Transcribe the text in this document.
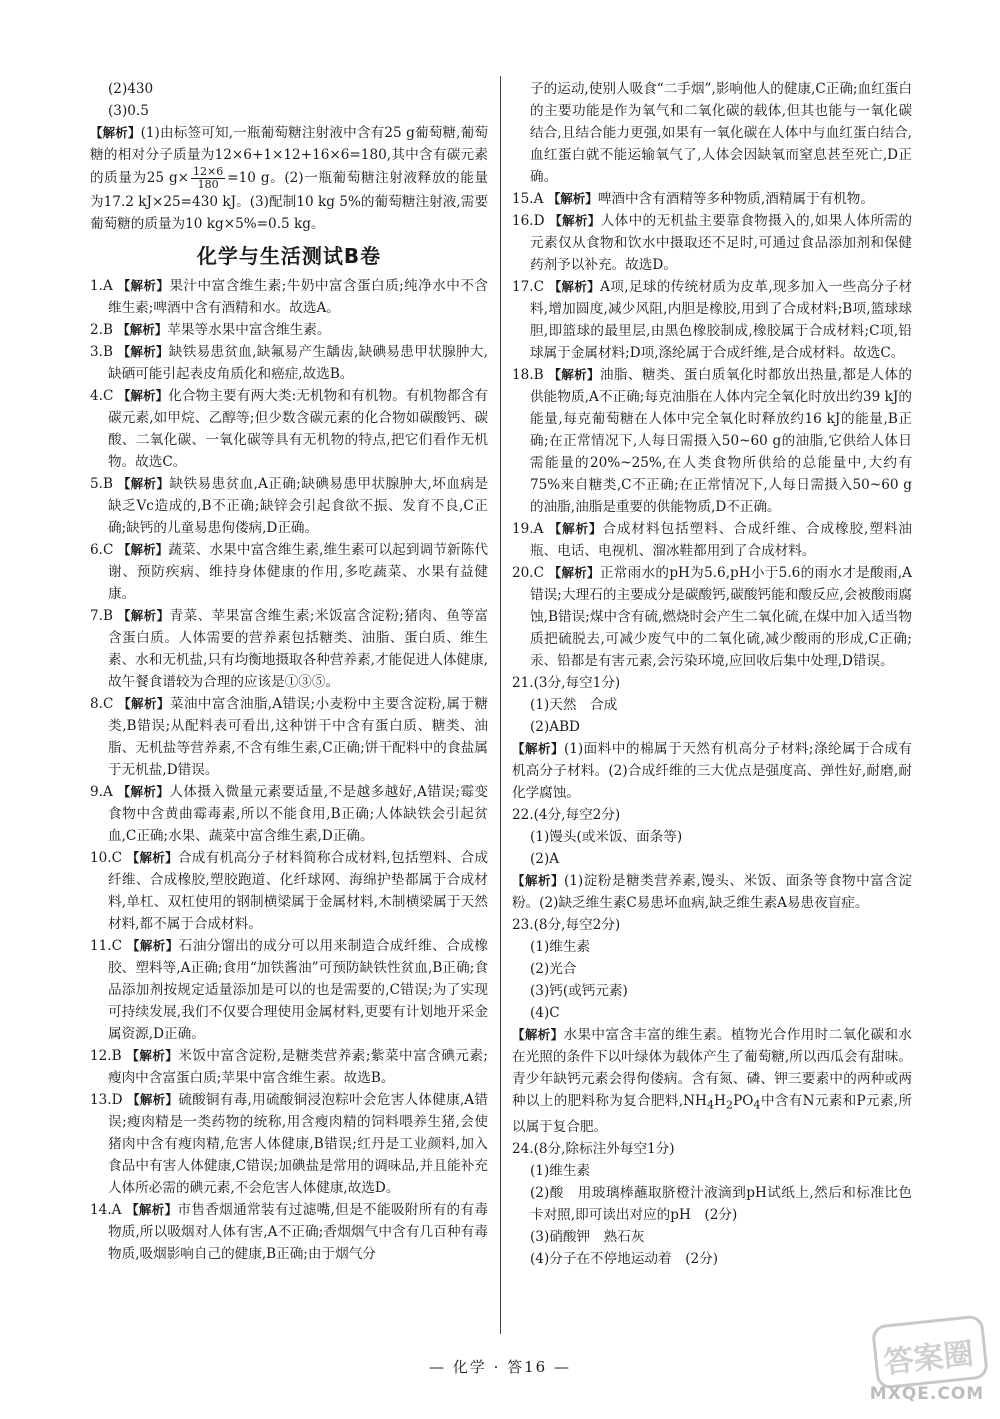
(2)430

(3)0.5

【解析】(1)由标签可知,一瓶葡萄糖注射液中含有25 g葡萄糖,葡萄糖的相对分子质量为12×6+1×12+16×6=180,其中含有碳元素的质量为25 $g\times \frac{12\times 6}{180} =10$ g。(2)一瓶葡萄糖注射液释放的能量为17.2 kJ×25=430 kJ。(3)配制10 kg 5%的葡萄糖注射液,需要葡萄糖的质量为10 kg×5%=0.5 kg。

化学与生活测试B卷

1.A 【解析】果汁中富含维生素;牛奶中富含蛋白质;纯净水中不含维生素;啤酒中含有酒精和水。故选A。

2.B 【解析】苹果等水果中富含维生素。

3.B 【解析】缺铁易患贫血,缺氟易产生龋齿,缺碘易患甲状腺肿大,缺硒可能引起表皮角质化和癌症,故选B。

4.C 【解析】化合物主要有两大类:无机物和有机物。有机物都含有碳元素,如甲烷、乙醇等;但少数含碳元素的化合物如碳酸钙、碳酸、二氧化碳、一氧化碳等具有无机物的特点,把它们看作无机物。故选C。

5.B 【解析】缺铁易患贫血,A正确;缺碘易患甲状腺肿大,坏血病是缺乏Vc造成的,B不正确;缺锌会引起食欲不振、发育不良,C正确;缺钙的儿童易患佝偻病,D正确。

6.C 【解析】蔬菜、水果中富含维生素,维生素可以起到调节新陈代谢、预防疾病、维持身体健康的作用,多吃蔬菜、水果有益健康。

7.B 【解析】青菜、苹果富含维生素;米饭富含淀粉;猪肉、鱼等富含蛋白质。人体需要的营养素包括糖类、油脂、蛋白质、维生素、水和无机盐,只有均衡地摄取各种营养素,才能促进人体健康,故午餐食谱较为合理的应该是①③⑤。

8.C 【解析】菜油中富含油脂,A错误;小麦粉中主要含淀粉,属于糖类,B错误;从配料表可看出,这种饼干中含有蛋白质、糖类、油脂、无机盐等营养素,不含有维生素,C正确;饼干配料中的食盐属于无机盐,D错误。

9.A 【解析】人体摄入微量元素要适量,不是越多越好,A错误;霉变食物中含黄曲霉毒素,所以不能食用,B正确;人体缺铁会引起贫血,C正确;水果、蔬菜中富含维生素,D正确。

10.C 【解析】合成有机高分子材料简称合成材料,包括塑料、合成纤维、合成橡胶,塑胶跑道、化纤球网、海绵护垫都属于合成材料,单杠、双杠使用的钢制横梁属于金属材料,木制横梁属于天然材料,都不属于合成材料。

11.C 【解析】石油分馏出的成分可以用来制造合成纤维、合成橡胶、塑料等,A正确;食用“加铁酱油”可预防缺铁性贫血,B正确;食品添加剂按规定适量添加是可以的也是需要的,C错误;为了实现可持续发展,我们不仅要合理使用金属材料,更要有计划地开采金属资源,D正确。

12.B 【解析】米饭中富含淀粉,是糖类营养素;紫菜中富含碘元素;瘦肉中含富蛋白质;苹果中富含维生素。故选B。

13.D 【解析】硫酸铜有毒,用硫酸铜浸泡粽叶会危害人体健康,A错误;瘦肉精是一类药物的统称,用含瘦肉精的饲料喂养生猪,会使猪肉中含有瘦肉精,危害人体健康,B错误;红丹是工业颜料,加入食品中有害人体健康,C错误;加碘盐是常用的调味品,并且能补充人体所必需的碘元素,不会危害人体健康,故选D。

14.A 【解析】市售香烟通常装有过滤嘴,但是不能吸附所有的有毒物质,所以吸烟对人体有害,A不正确;香烟烟气中含有几百种有毒物质,吸烟影响自己的健康,B正确;由于烟气分

子的运动,使别人吸食“二手烟”,影响他人的健康,C正确;血红蛋白的主要功能是作为氧气和二氧化碳的载体,但其也能与一氧化碳结合,且结合能力更强,如果有一氧化碳在人体中与血红蛋白结合,血红蛋白就不能运输氧气了,人体会因缺氧而窒息甚至死亡,D正确。

15.A 【解析】啤酒中含有酒精等多种物质,酒精属于有机物。

16.D 【解析】人体中的无机盐主要靠食物摄入的,如果人体所需的元素仅从食物和饮水中摄取还不足时,可通过食品添加剂和保健药剂予以补充。故选D。

17.C 【解析】A项,足球的传统材质为皮革,现多加入一些高分子材料,增加圆度,减少风阻,内胆是橡胶,用到了合成材料;B项,篮球球胆,即篮球的最里层,由黑色橡胶制成,橡胶属于合成材料;C项,铅球属于金属材料;D项,涤纶属于合成纤维,是合成材料。故选C。

18.B 【解析】油脂、糖类、蛋白质氧化时都放出热量,都是人体的供能物质,A不正确;每克油脂在人体内完全氧化时放出约39 kJ的能量,每克葡萄糖在人体中完全氧化时释放约16 kJ的能量,B正确;在正常情况下,人每日需摄入50~60 g的油脂,它供给人体日需能量的20%~25%,在人类食物所供给的总能量中,大约有75%来自糖类,C不正确;在正常情况下,人每日需摄入50~60 g的油脂,油脂是重要的供能物质,D不正确。

19.A 【解析】合成材料包括塑料、合成纤维、合成橡胶,塑料油瓶、电话、电视机、溜冰鞋都用到了合成材料。

20.C 【解析】正常雨水的pH为5.6,pH小于5.6的雨水才是酸雨,A错误;大理石的主要成分是碳酸钙,碳酸钙能和酸反应,会被酸雨腐蚀,B错误;煤中含有硫,燃烧时会产生二氧化硫,在煤中加入适当物质把硫脱去,可减少废气中的二氧化硫,减少酸雨的形成,C正确;汞、铅都是有害元素,会污染环境,应回收后集中处理,D错误。

21.(3分,每空1分)

(1)天然　合成

(2)ABD

【解析】(1)面料中的棉属于天然有机高分子材料;涤纶属于合成有机高分子材料。(2)合成纤维的三大优点是强度高、弹性好,耐磨,耐化学腐蚀。

22.(4分,每空2分)

(1)馒头(或米饭、面条等)

(2)A

【解析】(1)淀粉是糖类营养素,馒头、米饭、面条等食物中富含淀粉。(2)缺乏维生素C易患坏血病,缺乏维生素A易患夜盲症。

23.(8分,每空2分)

(1)维生素

(2)光合

(3)钙(或钙元素)

(4)C

【解析】水果中富含丰富的维生素。植物光合作用时二氧化碳和水在光照的条件下以叶绿体为载体产生了葡萄糖,所以西瓜会有甜味。青少年缺钙元素会得佝偻病。含有氮、磷、钾三要素中的两种或两种以上的肥料称为复合肥料$,NH_4H_2PO_4$中含有N元素和P元素,所以属于复合肥。

24.(8分,除标注外每空1分)

(1)维生素

(2)酸　用玻璃棒蘸取脐橙汁液滴到pH试纸上,然后和标准比色卡对照,即可读出对应的pH　(2分)

(3)硝酸钾　熟石灰

(4)分子在不停地运动着　(2分)

— 化学 · 答16 —	答案圈
MXQE.COM
